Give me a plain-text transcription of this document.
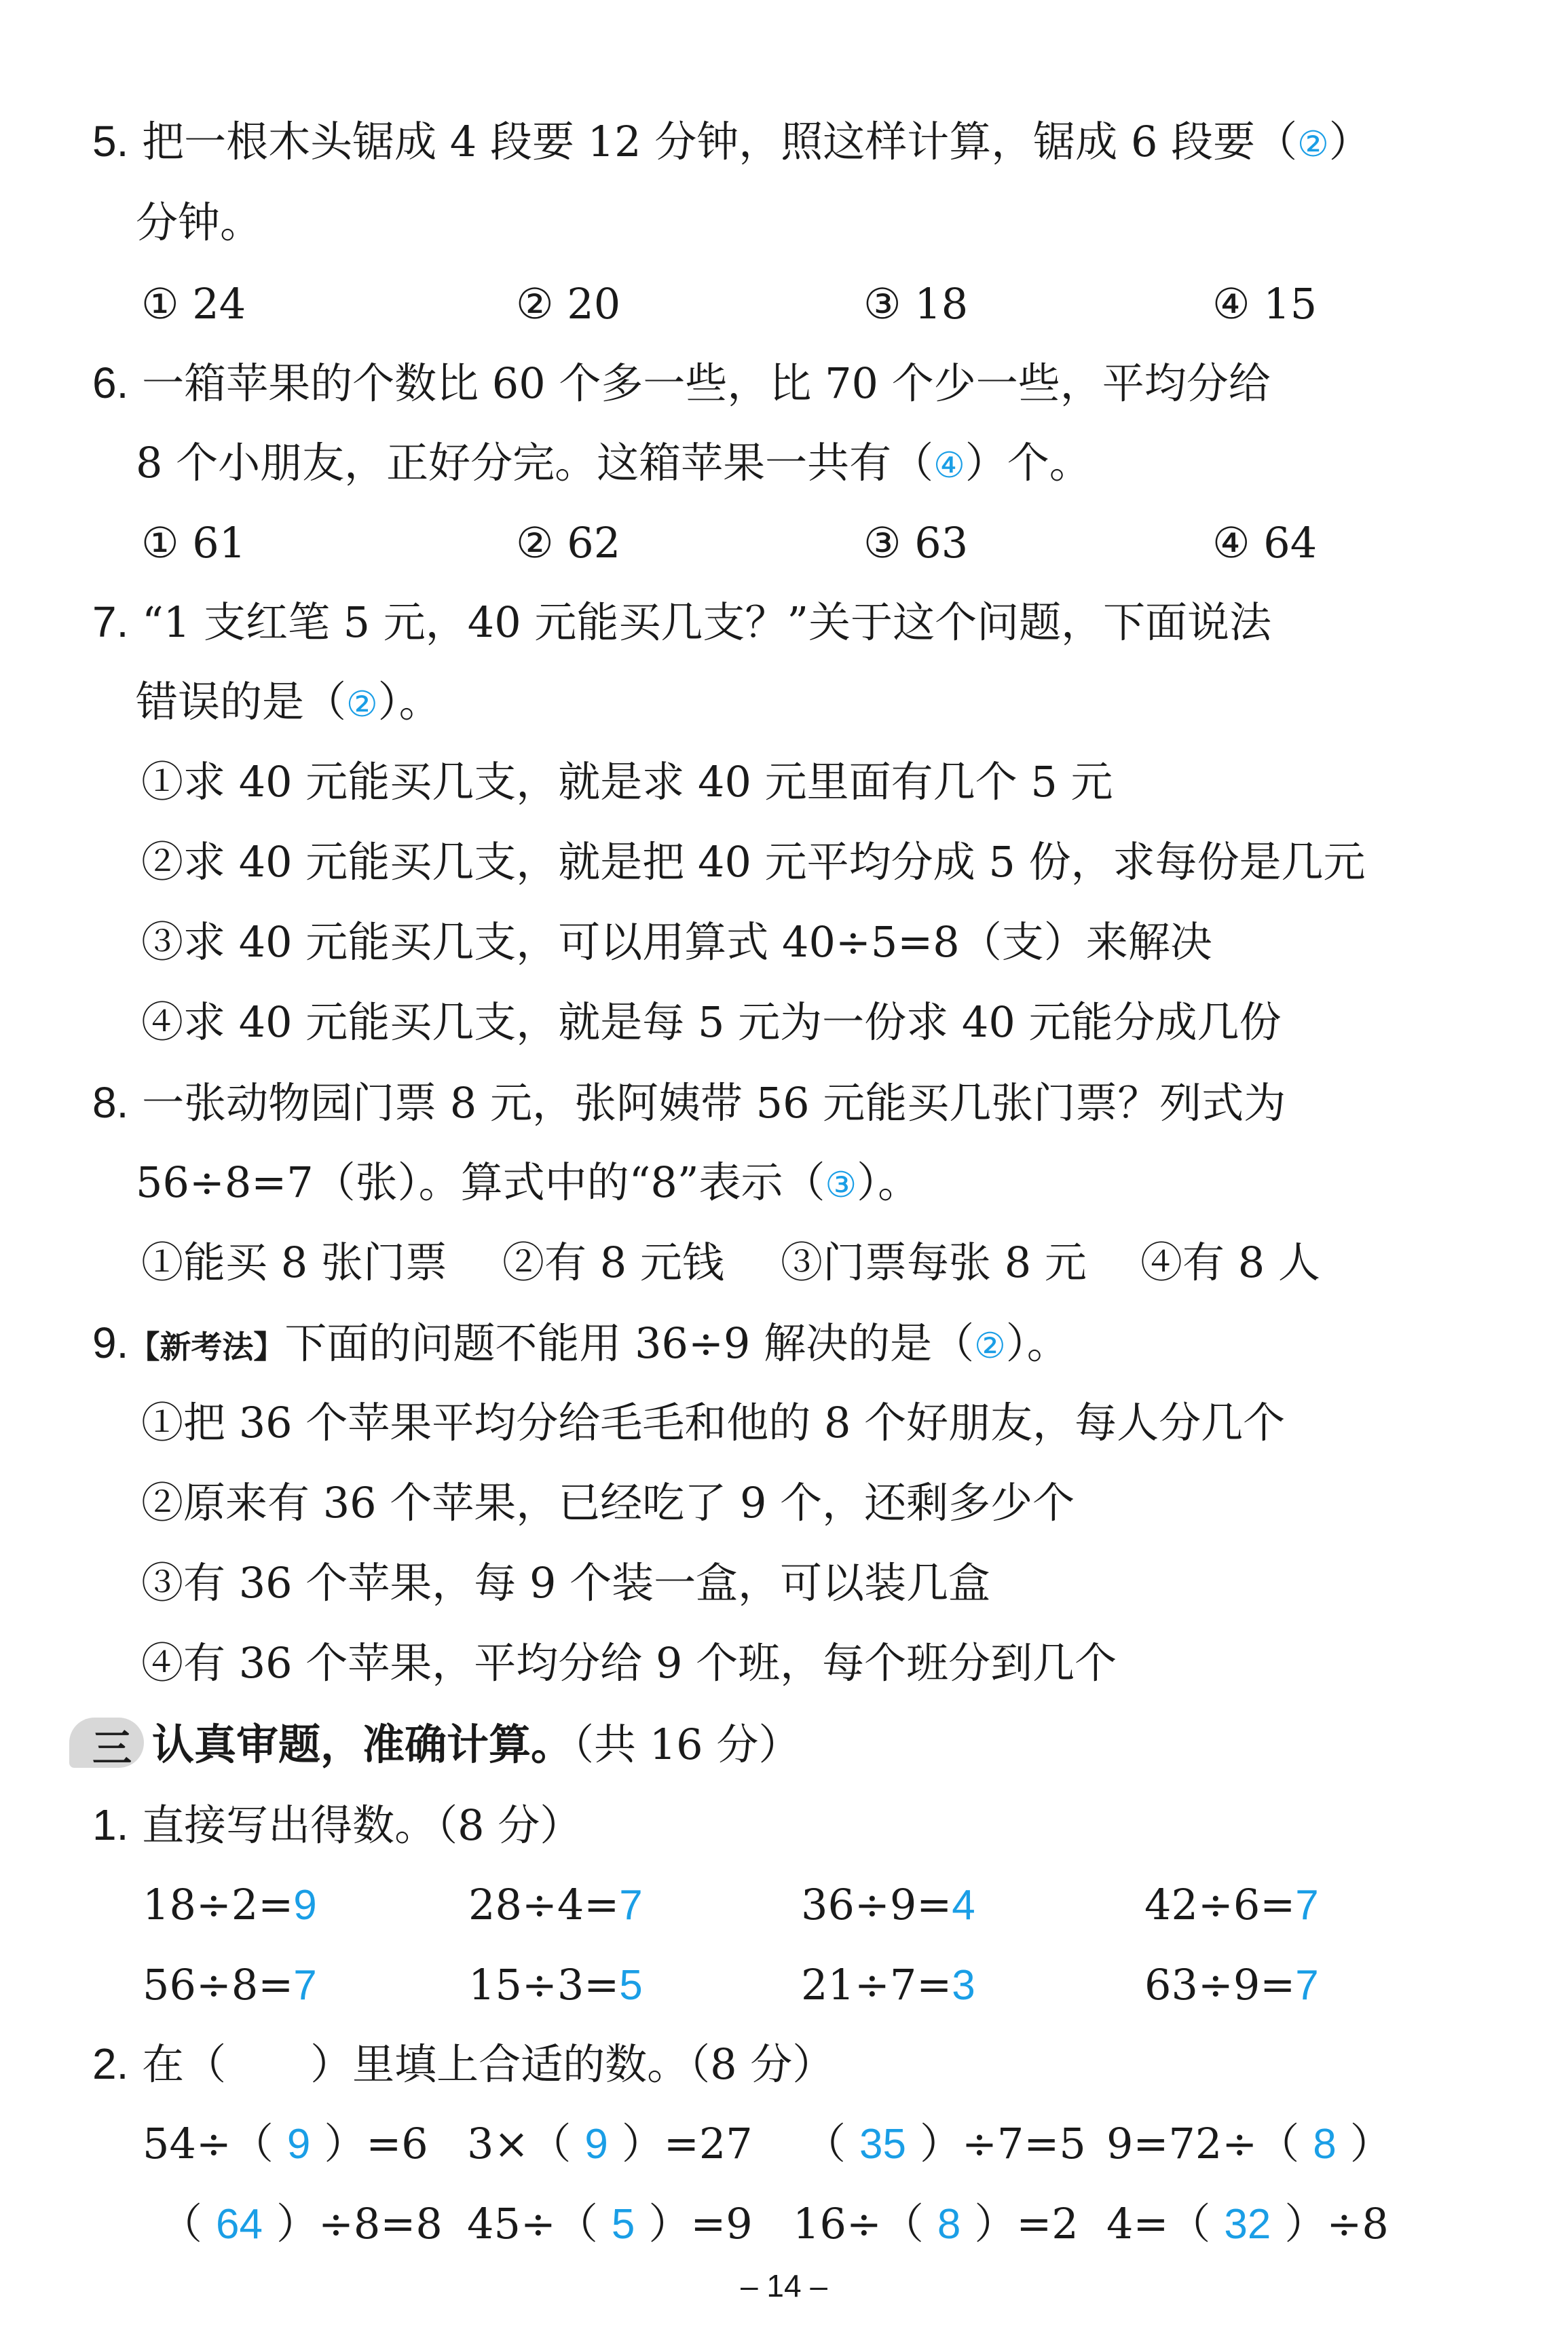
5. 把一根木头锯成 4 段要 12 分钟，照这样计算，锯成 6 段要（②）
分钟。
① 24	② 20	③ 18	④ 15
6. 一箱苹果的个数比 60 个多一些，比 70 个少一些，平均分给
8 个小朋友，正好分完。这箱苹果一共有（④）个。
① 61	② 62	③ 63	④ 64
7. “1 支红笔 5 元，40 元能买几支？”关于这个问题，下面说法
错误的是（②）。
①求 40 元能买几支，就是求 40 元里面有几个 5 元
②求 40 元能买几支，就是把 40 元平均分成 5 份，求每份是几元
③求 40 元能买几支，可以用算式 40÷5=8（支）来解决
④求 40 元能买几支，就是每 5 元为一份求 40 元能分成几份
8. 一张动物园门票 8 元，张阿姨带 56 元能买几张门票？列式为
56÷8=7（张）。算式中的“8”表示（③）。
①能买 8 张门票 ②有 8 元钱 ③门票每张 8 元 ④有 8 人
9.【新考法】下面的问题不能用 36÷9 解决的是（②）。
①把 36 个苹果平均分给毛毛和他的 8 个好朋友，每人分几个
②原来有 36 个苹果，已经吃了 9 个，还剩多少个
③有 36 个苹果，每 9 个装一盒，可以装几盒
④有 36 个苹果，平均分给 9 个班，每个班分到几个
三 认真审题，准确计算。（共 16 分）
1. 直接写出得数。（8 分）
18÷2=9	28÷4=7	36÷9=4	42÷6=7
56÷8=7	15÷3=5	21÷7=3	63÷9=7
2. 在（　　）里填上合适的数。（8 分）
54÷（ 9 ）=6 3×（ 9 ）=27 （ 35 ）÷7=5 9=72÷（ 8 ）
（ 64 ）÷8=8 45÷（ 5 ）=9 16÷（ 8 ）=2 4=（ 32 ）÷8
– 14 –
